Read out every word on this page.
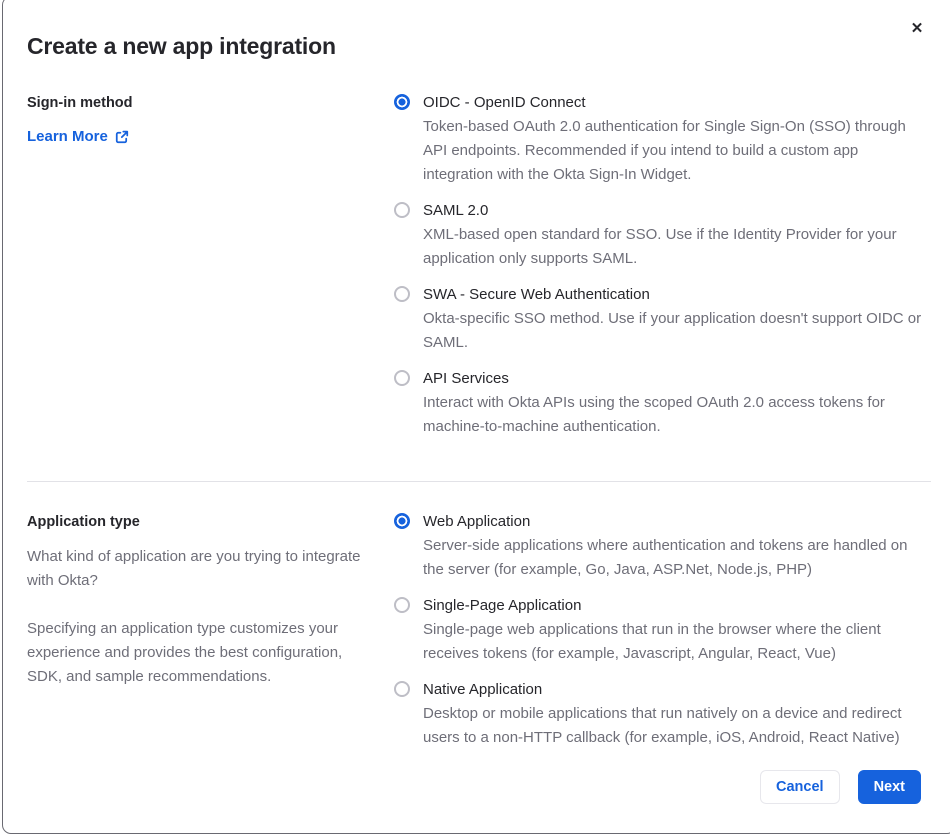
✕
Create a new app integration

Sign-in method

Learn More
OIDC - OpenID Connect
Token-based OAuth 2.0 authentication for Single Sign-On (SSO) through API endpoints. Recommended if you intend to build a custom app integration with the Okta Sign-In Widget.
SAML 2.0
XML-based open standard for SSO. Use if the Identity Provider for your application only supports SAML.
SWA - Secure Web Authentication
Okta-specific SSO method. Use if your application doesn't support OIDC or SAML.
API Services
Interact with Okta APIs using the scoped OAuth 2.0 access tokens for machine-to-machine authentication.

Application type

What kind of application are you trying to integrate with Okta?

Specifying an application type customizes your experience and provides the best configuration, SDK, and sample recommendations.

Web Application
Server-side applications where authentication and tokens are handled on the server (for example, Go, Java, ASP.Net, Node.js, PHP)
Single-Page Application
Single-page web applications that run in the browser where the client receives tokens (for example, Javascript, Angular, React, Vue)
Native Application
Desktop or mobile applications that run natively on a device and redirect users to a non-HTTP callback (for example, iOS, Android, React Native)
Cancel	Next
